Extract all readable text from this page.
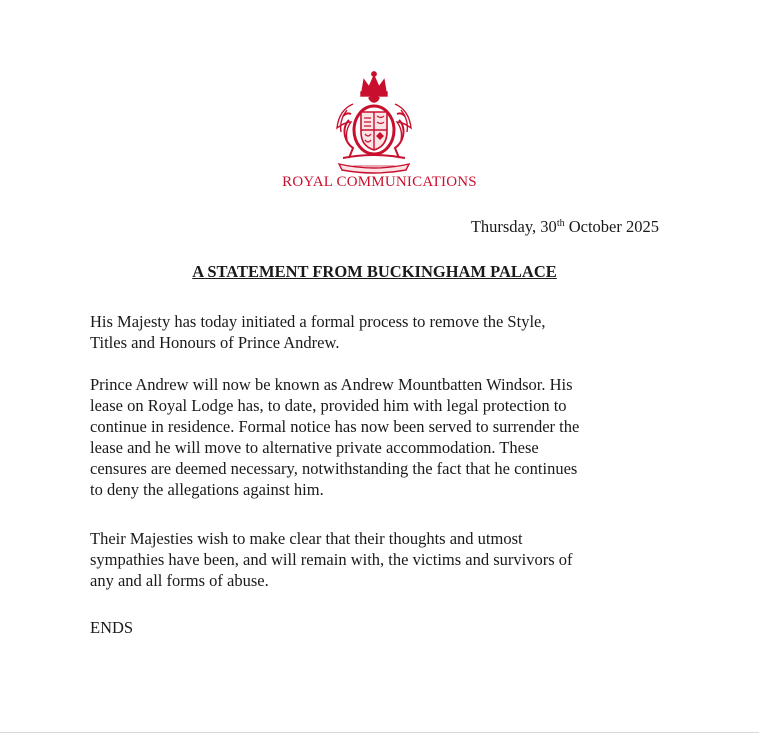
ROYAL COMMUNICATIONS
Thursday, 30th October 2025
A STATEMENT FROM BUCKINGHAM PALACE

His Majesty has today initiated a formal process to remove the Style,
Titles and Honours of Prince Andrew.

Prince Andrew will now be known as Andrew Mountbatten Windsor. His
lease on Royal Lodge has, to date, provided him with legal protection to
continue in residence. Formal notice has now been served to surrender the
lease and he will move to alternative private accommodation. These
censures are deemed necessary, notwithstanding the fact that he continues
to deny the allegations against him.

Their Majesties wish to make clear that their thoughts and utmost
sympathies have been, and will remain with, the victims and survivors of
any and all forms of abuse.

ENDS
